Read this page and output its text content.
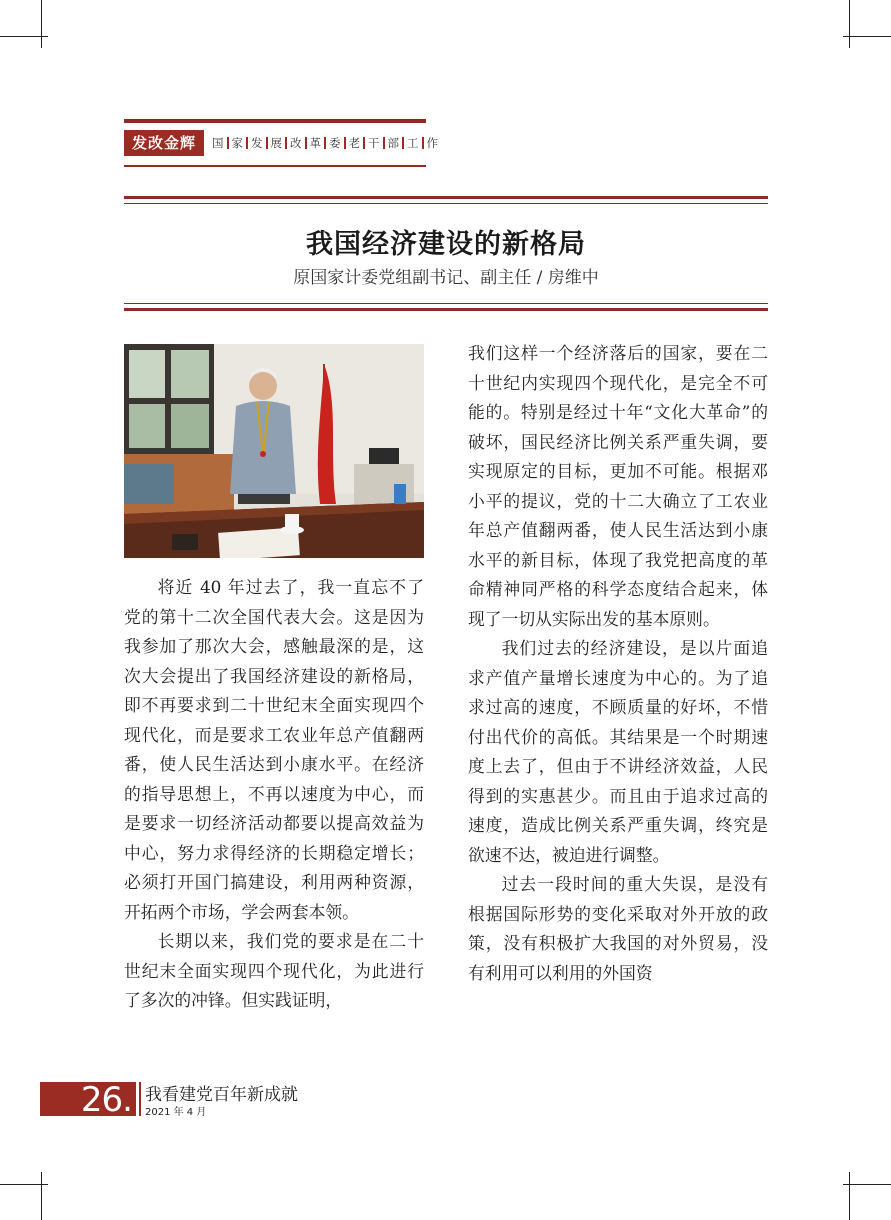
发改金辉	国 家 发 展 改 革 委 老 干 部 工 作
我国经济建设的新格局
原国家计委党组副书记、副主任 / 房维中

将近 40 年过去了，我一直忘不了党的第十二次全国代表大会。这是因为我参加了那次大会，感触最深的是，这次大会提出了我国经济建设的新格局，即不再要求到二十世纪末全面实现四个现代化，而是要求工农业年总产值翻两番，使人民生活达到小康水平。在经济的指导思想上，不再以速度为中心，而是要求一切经济活动都要以提高效益为中心，努力求得经济的长期稳定增长；必须打开国门搞建设，利用两种资源，开拓两个市场，学会两套本领。

长期以来，我们党的要求是在二十世纪末全面实现四个现代化，为此进行了多次的冲锋。但实践证明，

我们这样一个经济落后的国家，要在二十世纪内实现四个现代化，是完全不可能的。特别是经过十年“文化大革命”的破坏，国民经济比例关系严重失调，要实现原定的目标，更加不可能。根据邓小平的提议，党的十二大确立了工农业年总产值翻两番，使人民生活达到小康水平的新目标，体现了我党把高度的革命精神同严格的科学态度结合起来，体现了一切从实际出发的基本原则。

我们过去的经济建设，是以片面追求产值产量增长速度为中心的。为了追求过高的速度，不顾质量的好坏，不惜付出代价的高低。其结果是一个时期速度上去了，但由于不讲经济效益，人民得到的实惠甚少。而且由于追求过高的速度，造成比例关系严重失调，终究是欲速不达，被迫进行调整。

过去一段时间的重大失误，是没有根据国际形势的变化采取对外开放的政策，没有积极扩大我国的对外贸易，没有利用可以利用的外国资

26. 我看建党百年新成就
2021 年 4 月
